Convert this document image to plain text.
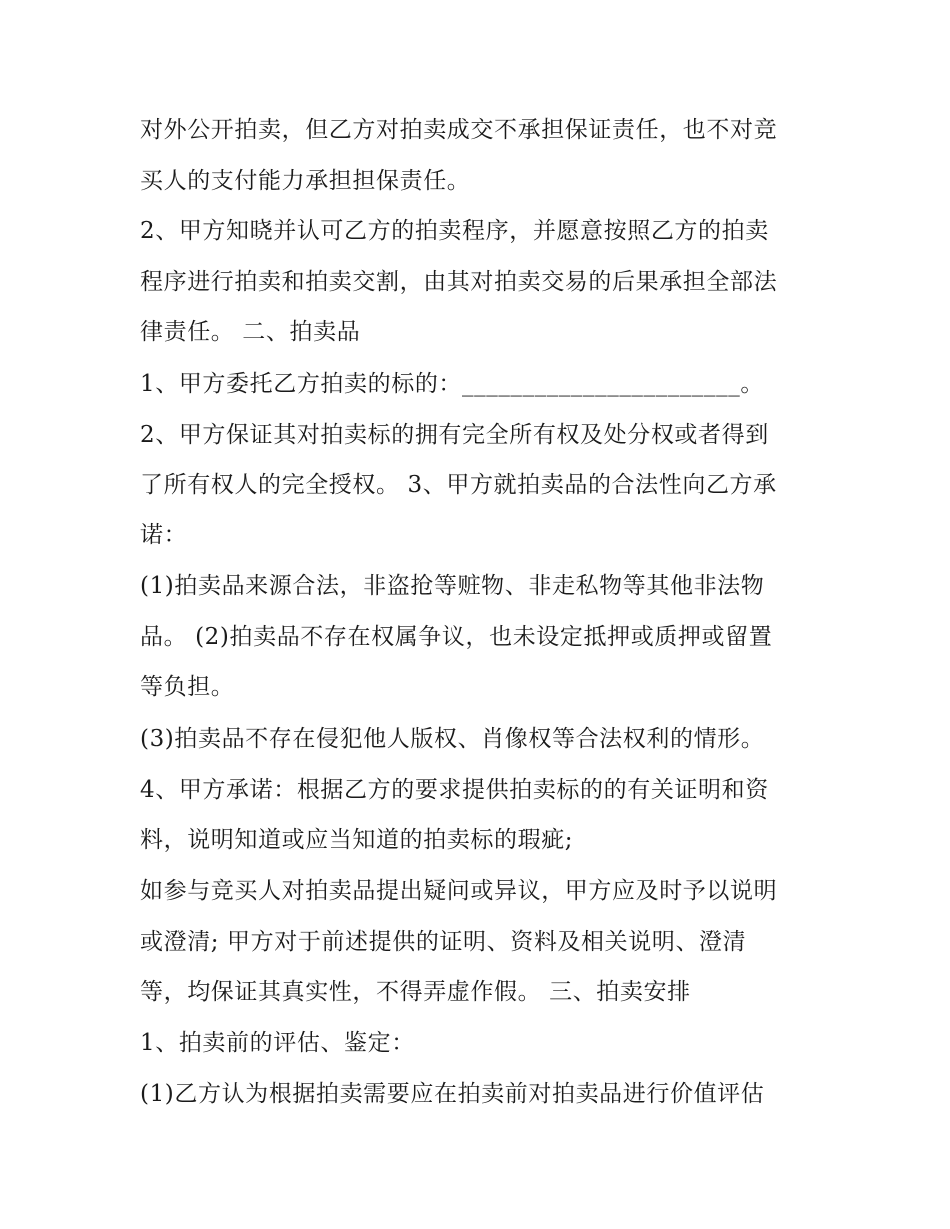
对外公开拍卖，但乙方对拍卖成交不承担保证责任，也不对竞
买人的支付能力承担担保责任。
2、甲方知晓并认可乙方的拍卖程序，并愿意按照乙方的拍卖
程序进行拍卖和拍卖交割，由其对拍卖交易的后果承担全部法
律责任。 二、拍卖品
1、甲方委托乙方拍卖的标的：_______________________。
2、甲方保证其对拍卖标的拥有完全所有权及处分权或者得到
了所有权人的完全授权。 3、甲方就拍卖品的合法性向乙方承
诺：
(1)拍卖品来源合法，非盗抢等赃物、非走私物等其他非法物
品。 (2)拍卖品不存在权属争议，也未设定抵押或质押或留置
等负担。
(3)拍卖品不存在侵犯他人版权、肖像权等合法权利的情形。
4、甲方承诺：根据乙方的要求提供拍卖标的的有关证明和资
料，说明知道或应当知道的拍卖标的瑕疵;
如参与竞买人对拍卖品提出疑问或异议，甲方应及时予以说明
或澄清; 甲方对于前述提供的证明、资料及相关说明、澄清
等，均保证其真实性，不得弄虚作假。 三、拍卖安排
1、拍卖前的评估、鉴定：
(1)乙方认为根据拍卖需要应在拍卖前对拍卖品进行价值评估
